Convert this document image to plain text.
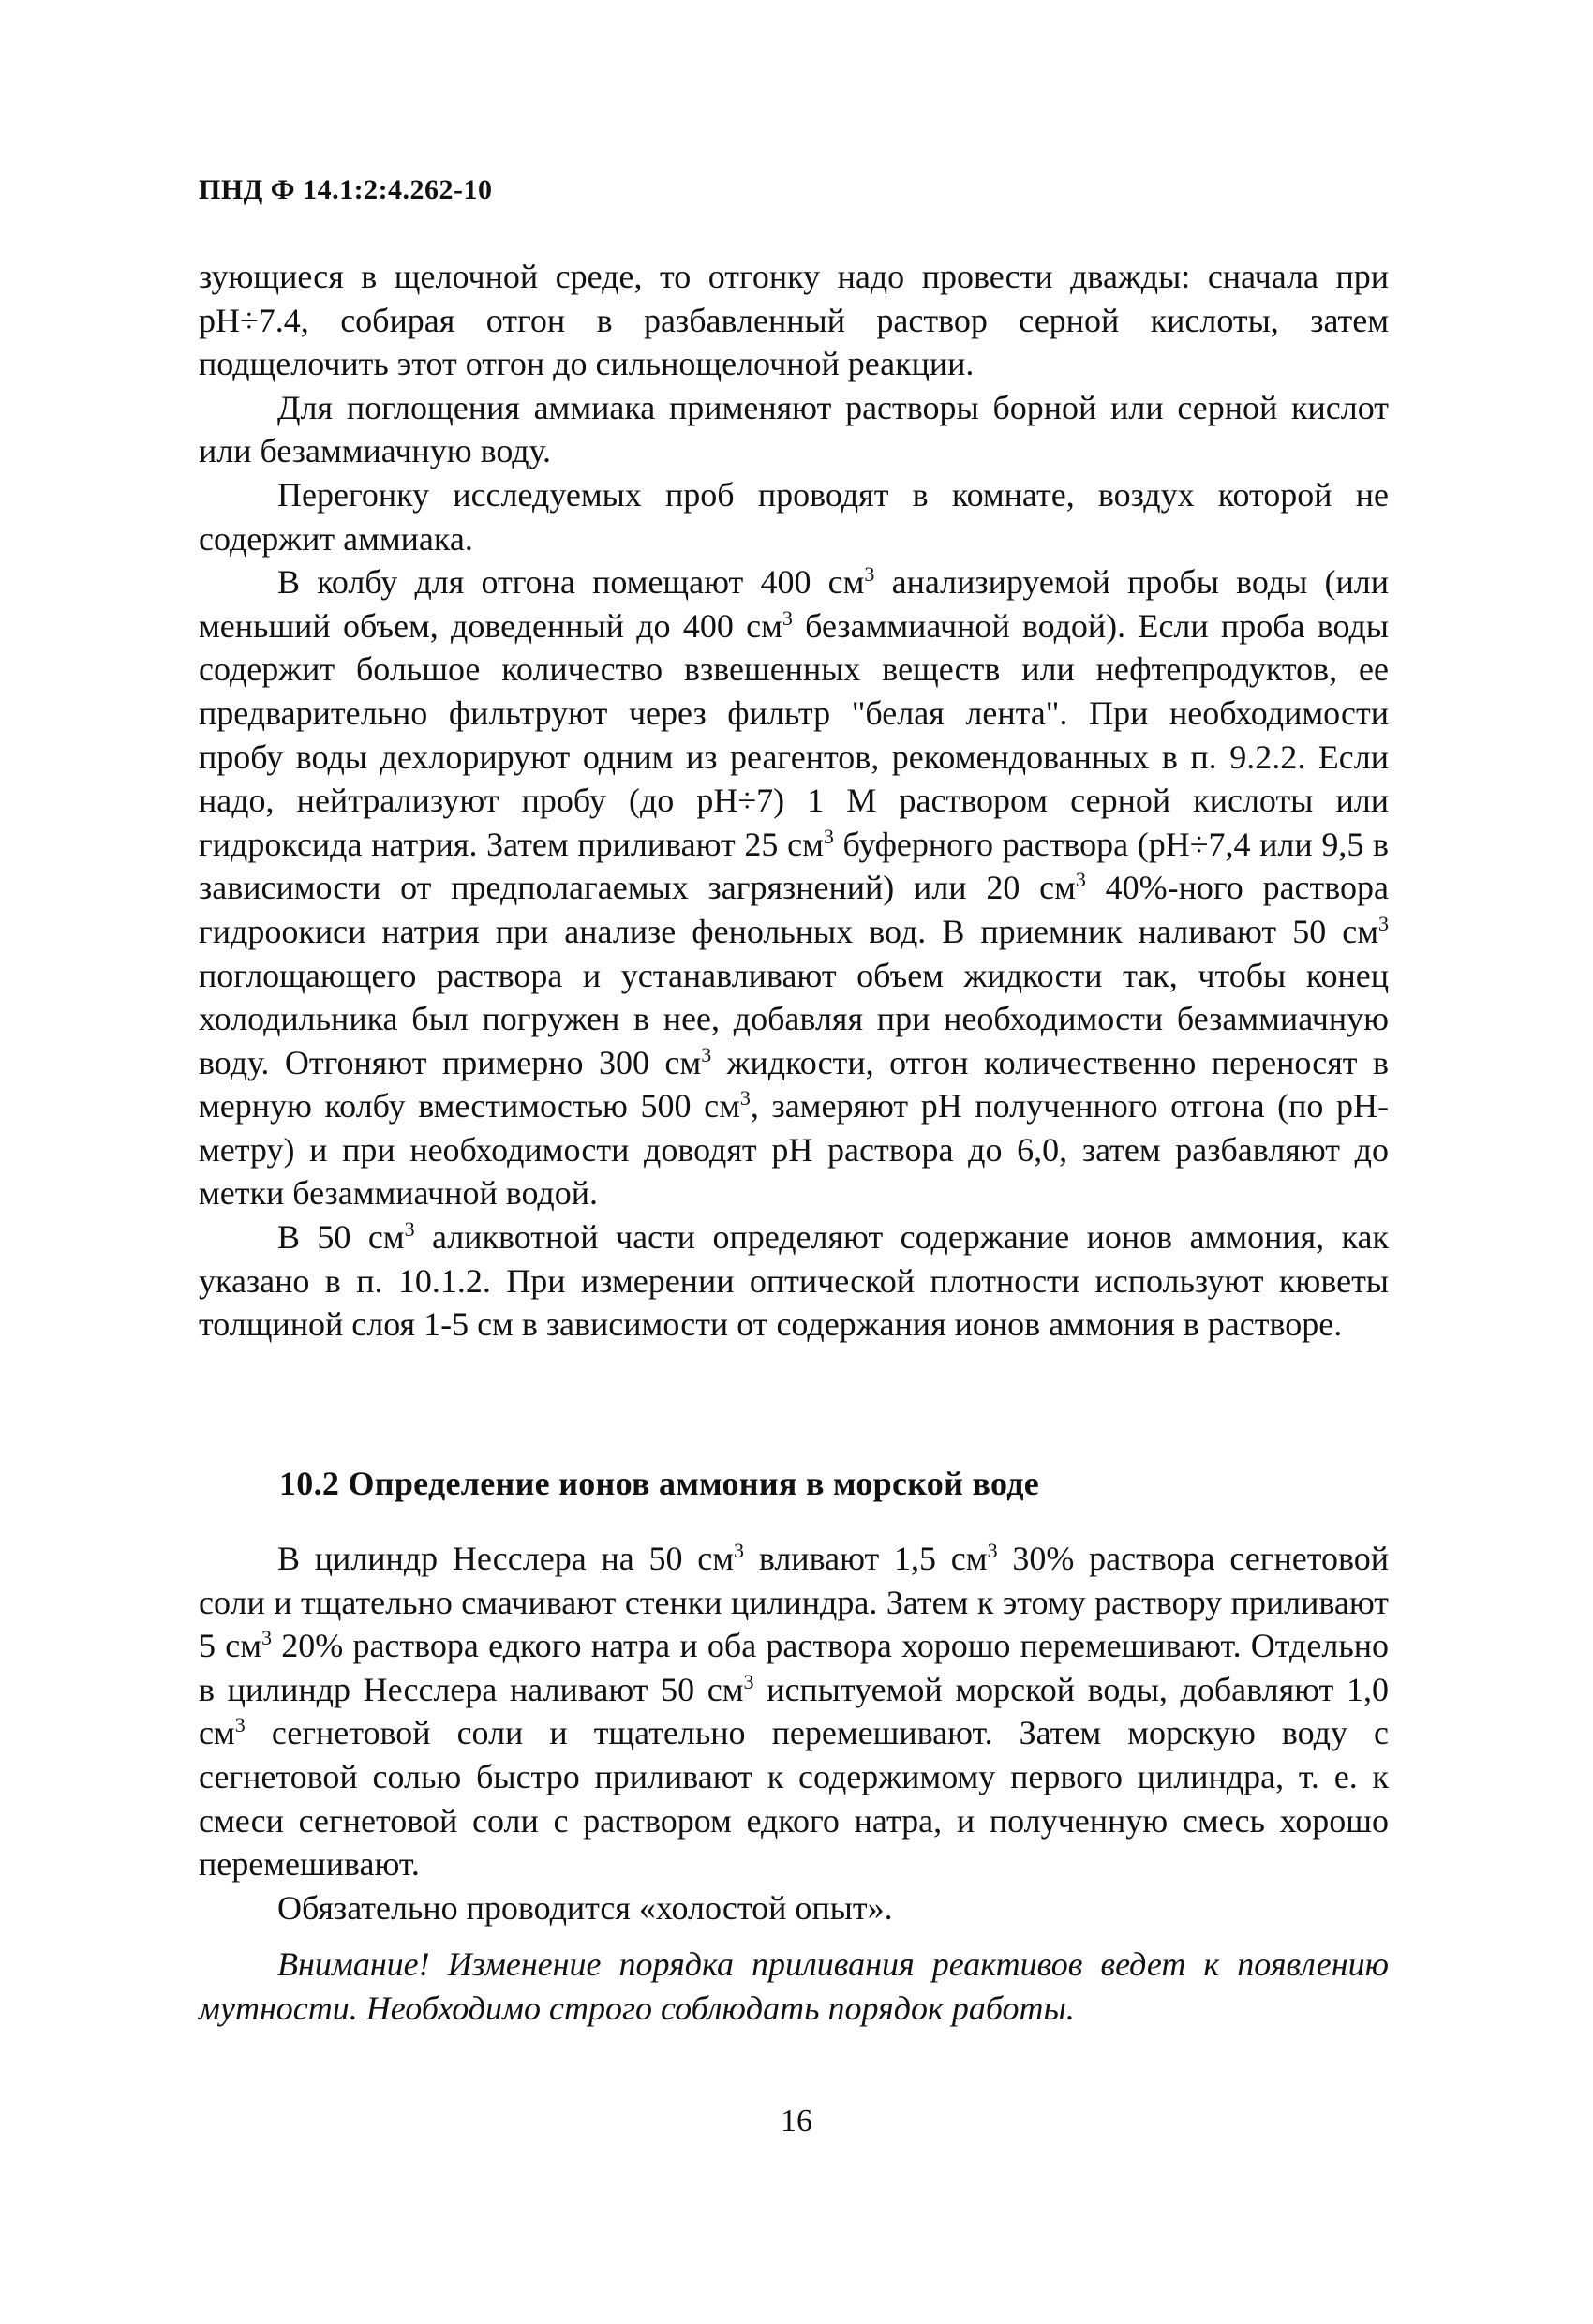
ПНД Ф 14.1:2:4.262-10

зующиеся в щелочной среде, то отгонку надо провести дважды: сначала при pH÷7.4, собирая отгон в разбавленный раствор серной кислоты, затем подщелочить этот отгон до сильнощелочной реакции.

Для поглощения аммиака применяют растворы борной или серной кислот или безаммиачную воду.

Перегонку исследуемых проб проводят в комнате, воздух которой не содержит аммиака.

В колбу для отгона помещают 400 $см^3$ анализируемой пробы воды (или меньший объем, доведенный до 400 $см^3$ безаммиачной водой). Если проба воды содержит большое количество взвешенных веществ или нефтепродуктов, ее предварительно фильтруют через фильтр "белая лента". При необходимости пробу воды дехлорируют одним из реагентов, рекомендованных в п. 9.2.2. Если надо, нейтрализуют пробу (до pH÷7) 1 М раствором серной кислоты или гидроксида натрия. Затем приливают 25 $см^3$ буферного раствора (pH÷7,4 или 9,5 в зависимости от предполагаемых загрязнений) или 20 $см^3$ 40%-ного раствора гидроокиси натрия при анализе фенольных вод. В приемник наливают 50 $см^3$ поглощающего раствора и устанавливают объем жидкости так, чтобы конец холодильника был погружен в нее, добавляя при необходимости безаммиачную воду. Отгоняют примерно 300 $см^3$ жидкости, отгон количественно переносят в мерную колбу вместимостью 500 $см^3$, замеряют pH полученного отгона (по pH-метру) и при необходимости доводят pH раствора до 6,0, затем разбавляют до метки безаммиачной водой.

В 50 $см^3$ аликвотной части определяют содержание ионов аммония, как указано в п. 10.1.2. При измерении оптической плотности используют кюветы толщиной слоя 1-5 см в зависимости от содержания ионов аммония в растворе.

10.2 Определение ионов аммония в морской воде

В цилиндр Несслера на 50 $см^3$ вливают 1,5 $см^3$ 30% раствора сегнетовой соли и тщательно смачивают стенки цилиндра. Затем к этому раствору приливают 5 $см^3$ 20% раствора едкого натра и оба раствора хорошо перемешивают. Отдельно в цилиндр Несслера наливают 50 $см^3$ испытуемой морской воды, добавляют 1,0 $см^3$ сегнетовой соли и тщательно перемешивают. Затем морскую воду с сегнетовой солью быстро приливают к содержимому первого цилиндра, т. е. к смеси сегнетовой соли с раствором едкого натра, и полученную смесь хорошо перемешивают.

Обязательно проводится «холостой опыт».

Внимание! Изменение порядка приливания реактивов ведет к появлению мутности. Необходимо строго соблюдать порядок работы.

16
